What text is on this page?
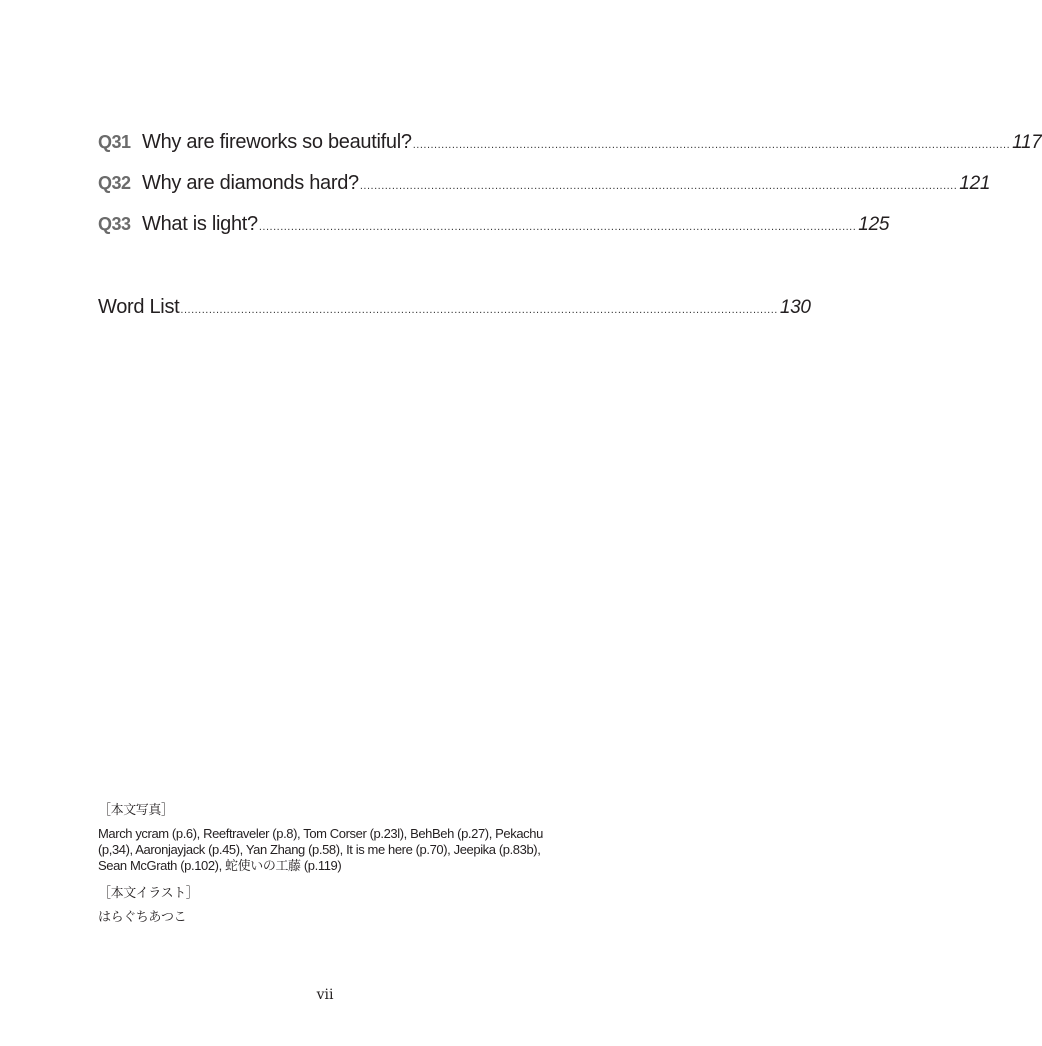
Q31 Why are fireworks so beautiful? ........................................................................................................................................................................ 117
Q32 Why are diamonds hard? ........................................................................................................................................................................ 121
Q33 What is light? ........................................................................................................................................................................ 125
Word List ........................................................................................................................................................................ 130
［本文写真］
March ycram (p.6), Reeftraveler (p.8), Tom Corser (p.23l), BehBeh (p.27), Pekachu (p,34), Aaronjayjack (p.45), Yan Zhang (p.58), It is me here (p.70), Jeepika (p.83b), Sean McGrath (p.102), 蛇使いの工藤 (p.119)
［本文イラスト］
はらぐちあつこ
vii
